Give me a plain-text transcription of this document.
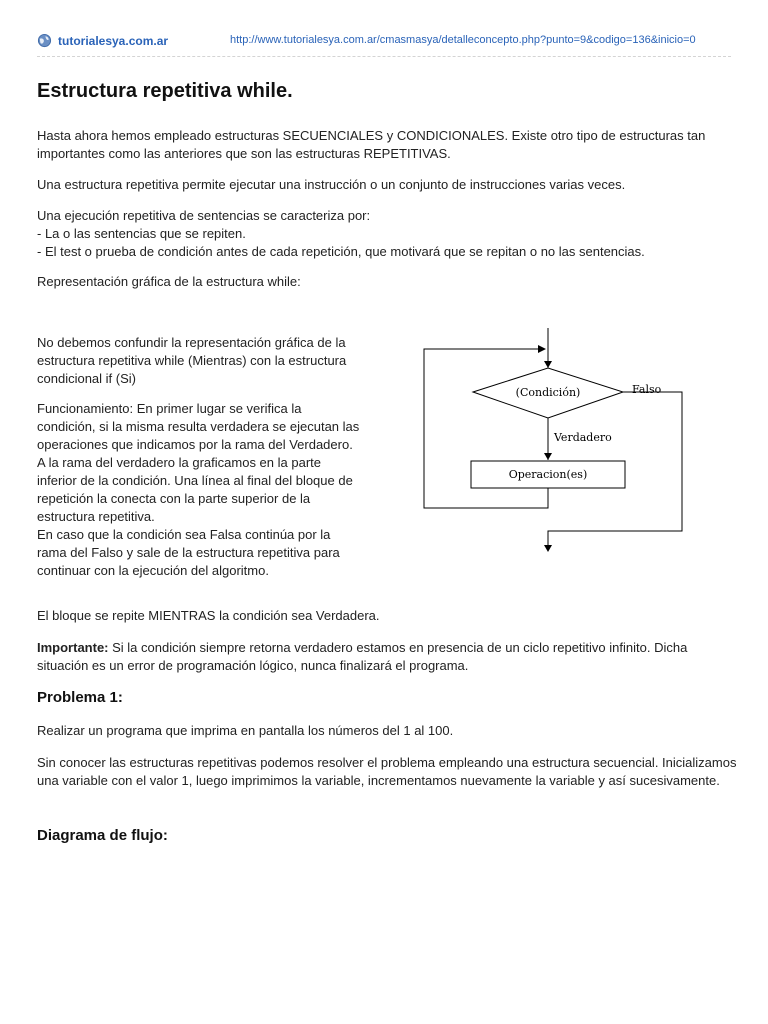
tutorialesya.com.ar	http://www.tutorialesya.com.ar/cmasmasya/detalleconcepto.php?punto=9&codigo=136&inicio=0
Estructura repetitiva while.

Hasta ahora hemos empleado estructuras SECUENCIALES y CONDICIONALES. Existe otro tipo de estructuras tan importantes como las anteriores que son las estructuras REPETITIVAS.

Una estructura repetitiva permite ejecutar una instrucción o un conjunto de instrucciones varias veces.

Una ejecución repetitiva de sentencias se caracteriza por:
- La o las sentencias que se repiten.
- El test o prueba de condición antes de cada repetición, que motivará que se repitan o no las sentencias.

Representación gráfica de la estructura while:

No debemos confundir la representación gráfica de la estructura repetitiva while (Mientras) con la estructura condicional if (Si)

Funcionamiento: En primer lugar se verifica la condición, si la misma resulta verdadera se ejecutan las operaciones que indicamos por la rama del Verdadero.
A la rama del verdadero la graficamos en la parte inferior de la condición. Una línea al final del bloque de repetición la conecta con la parte superior de la estructura repetitiva.
En caso que la condición sea Falsa continúa por la rama del Falso y sale de la estructura repetitiva para continuar con la ejecución del algoritmo.
(Condición)
Verdadero
Operacion(es)
Falso

El bloque se repite MIENTRAS la condición sea Verdadera.

Importante: Si la condición siempre retorna verdadero estamos en presencia de un ciclo repetitivo infinito. Dicha situación es un error de programación lógico, nunca finalizará el programa.

Problema 1:

Realizar un programa que imprima en pantalla los números del 1 al 100.

Sin conocer las estructuras repetitivas podemos resolver el problema empleando una estructura secuencial. Inicializamos una variable con el valor 1, luego imprimimos la variable, incrementamos nuevamente la variable y así sucesivamente.

Diagrama de flujo:
